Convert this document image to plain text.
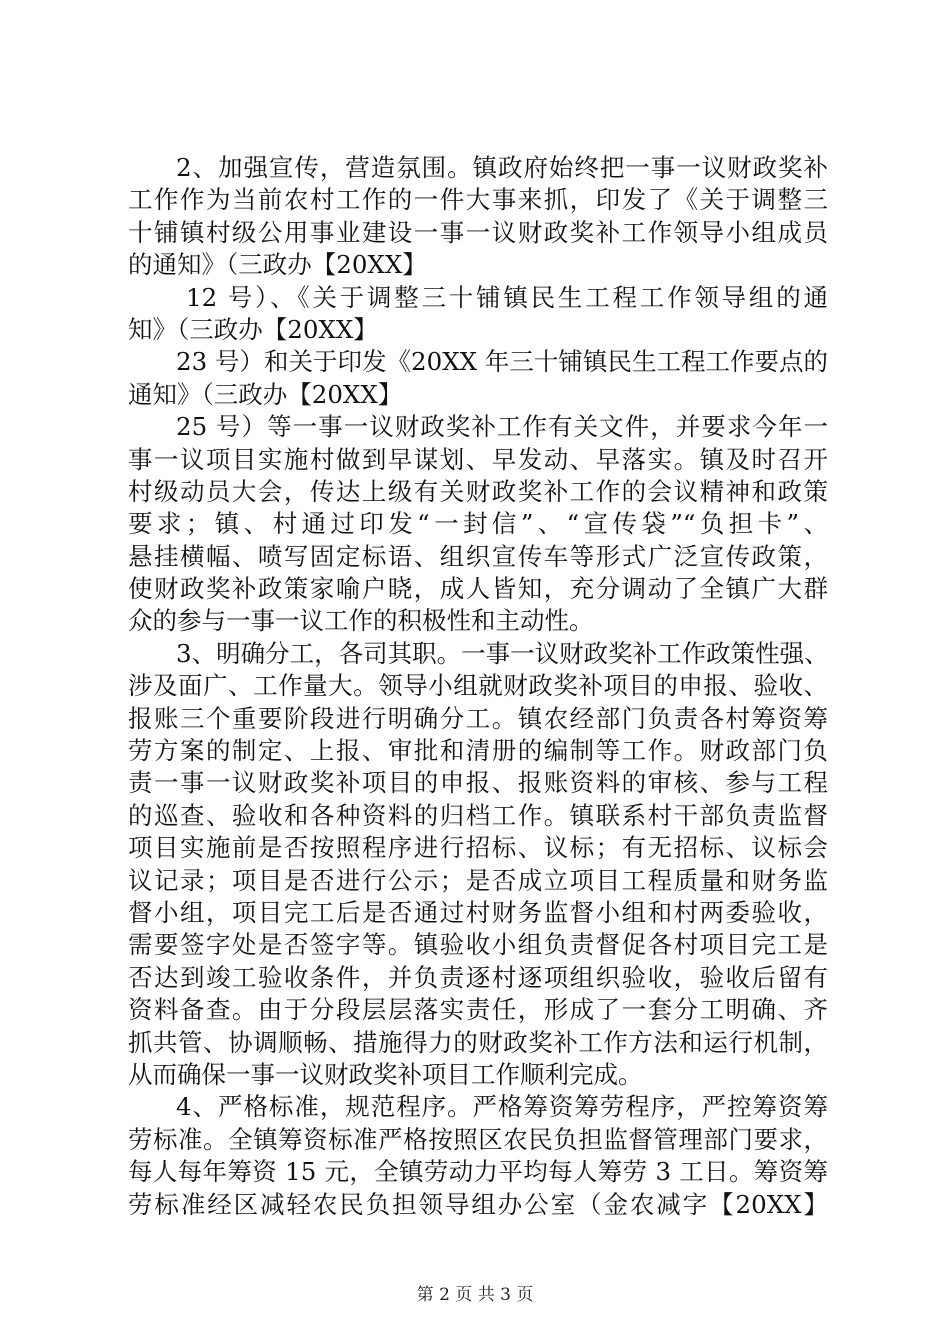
2、加强宣传，营造氛围。镇政府始终把一事一议财政奖补
工作作为当前农村工作的一件大事来抓，印发了《关于调整三
十铺镇村级公用事业建设一事一议财政奖补工作领导小组成员
的通知》（三政办【20XX】
12 号）、《关于调整三十铺镇民生工程工作领导组的通
知》（三政办【20XX】
23 号）和关于印发《20XX 年三十铺镇民生工程工作要点的
通知》（三政办【20XX】
25 号）等一事一议财政奖补工作有关文件，并要求今年一
事一议项目实施村做到早谋划、早发动、早落实。镇及时召开
村级动员大会，传达上级有关财政奖补工作的会议精神和政策
要求；镇、村通过印发“一封信”、“宣传袋”“负担卡”、
悬挂横幅、喷写固定标语、组织宣传车等形式广泛宣传政策，
使财政奖补政策家喻户晓，成人皆知，充分调动了全镇广大群
众的参与一事一议工作的积极性和主动性。
3、明确分工，各司其职。一事一议财政奖补工作政策性强、
涉及面广、工作量大。领导小组就财政奖补项目的申报、验收、
报账三个重要阶段进行明确分工。镇农经部门负责各村筹资筹
劳方案的制定、上报、审批和清册的编制等工作。财政部门负
责一事一议财政奖补项目的申报、报账资料的审核、参与工程
的巡查、验收和各种资料的归档工作。镇联系村干部负责监督
项目实施前是否按照程序进行招标、议标；有无招标、议标会
议记录；项目是否进行公示；是否成立项目工程质量和财务监
督小组，项目完工后是否通过村财务监督小组和村两委验收，
需要签字处是否签字等。镇验收小组负责督促各村项目完工是
否达到竣工验收条件，并负责逐村逐项组织验收，验收后留有
资料备查。由于分段层层落实责任，形成了一套分工明确、齐
抓共管、协调顺畅、措施得力的财政奖补工作方法和运行机制，
从而确保一事一议财政奖补项目工作顺利完成。
4、严格标准，规范程序。严格筹资筹劳程序，严控筹资筹
劳标准。全镇筹资标准严格按照区农民负担监督管理部门要求，
每人每年筹资 15 元，全镇劳动力平均每人筹劳 3 工日。筹资筹
劳标准经区减轻农民负担领导组办公室（金农减字【20XX】
第 2 页 共 3 页
